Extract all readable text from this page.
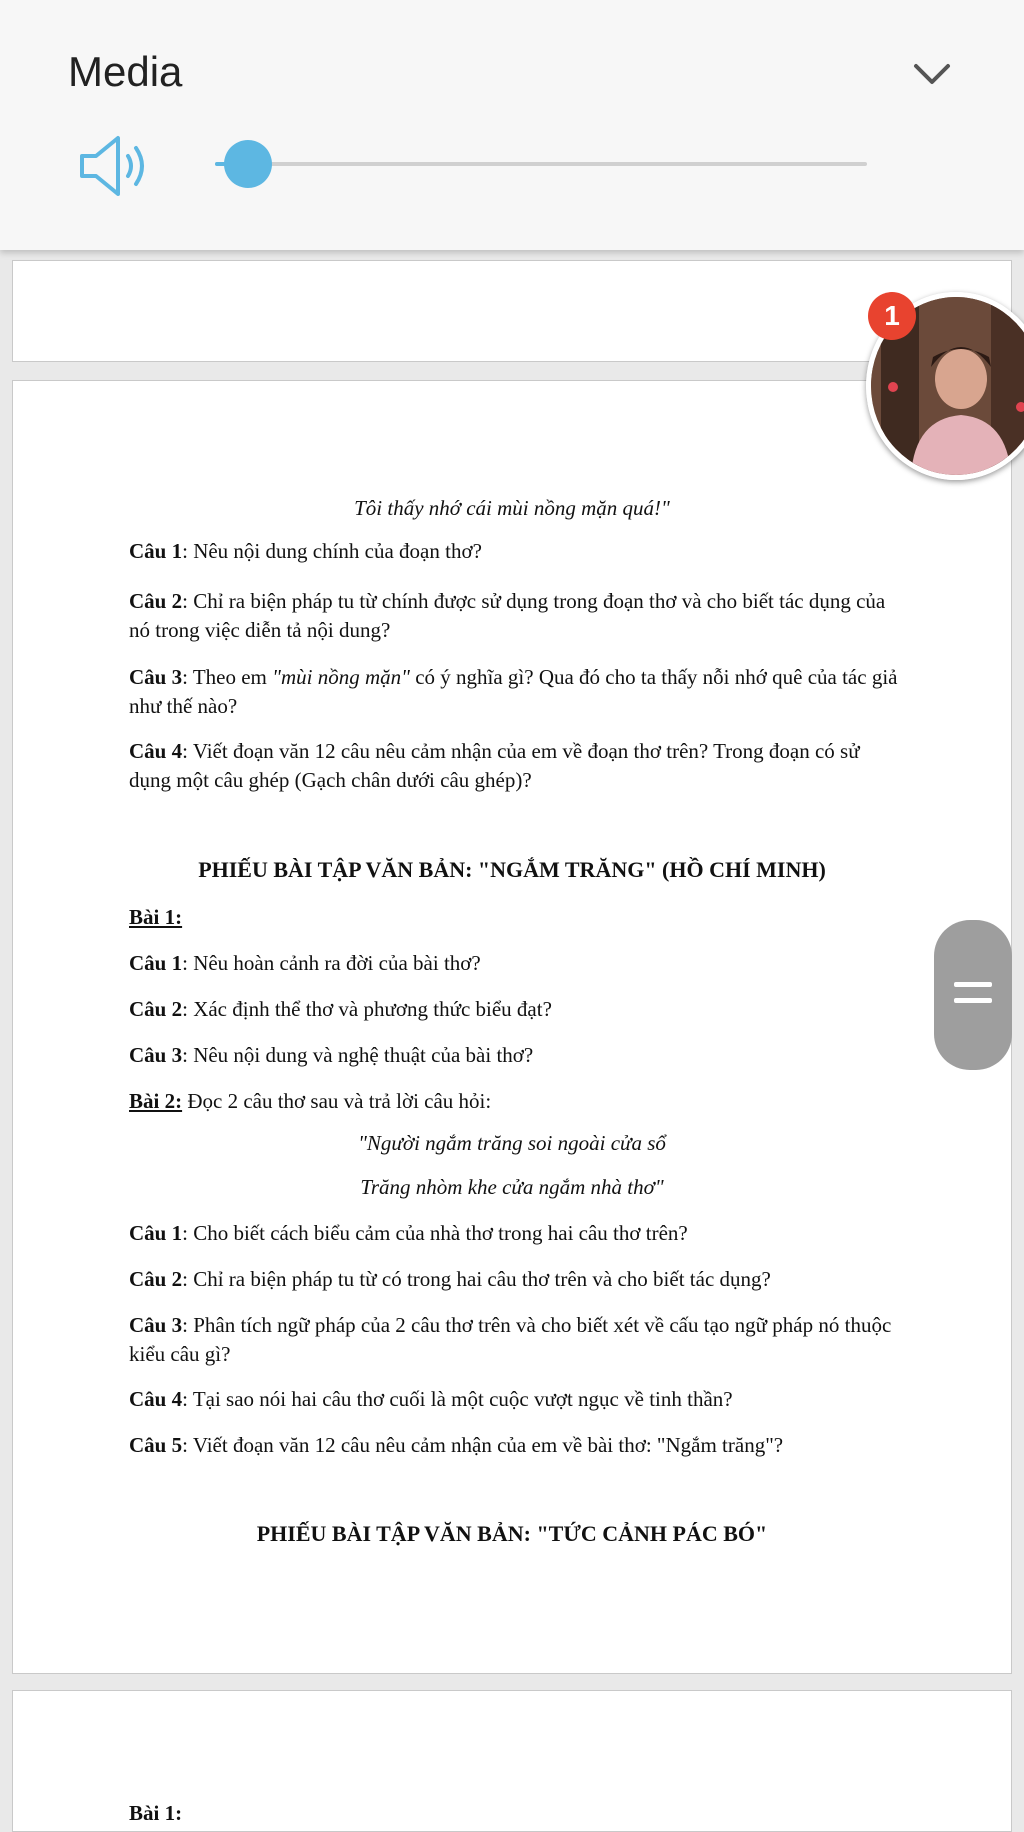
Media
Tôi thấy nhớ cái mùi nồng mặn quá!"
Câu 1: Nêu nội dung chính của đoạn thơ?
Câu 2: Chỉ ra biện pháp tu từ chính được sử dụng trong đoạn thơ và cho biết tác dụng của nó trong việc diễn tả nội dung?
Câu 3: Theo em "mùi nồng mặn" có ý nghĩa gì? Qua đó cho ta thấy nỗi nhớ quê của tác giả như thế nào?
Câu 4: Viết đoạn văn 12 câu nêu cảm nhận của em về đoạn thơ trên? Trong đoạn có sử dụng một câu ghép (Gạch chân dưới câu ghép)?
PHIẾU BÀI TẬP VĂN BẢN: "NGẮM TRĂNG" (HỒ CHÍ MINH)
Bài 1:
Câu 1: Nêu hoàn cảnh ra đời của bài thơ?
Câu 2: Xác định thể thơ và phương thức biểu đạt?
Câu 3: Nêu nội dung và nghệ thuật của bài thơ?
Bài 2: Đọc 2 câu thơ sau và trả lời câu hỏi:
"Người ngắm trăng soi ngoài cửa sổ
Trăng nhòm khe cửa ngắm nhà thơ"
Câu 1: Cho biết cách biểu cảm của nhà thơ trong hai câu thơ trên?
Câu 2: Chỉ ra biện pháp tu từ có trong hai câu thơ trên và cho biết tác dụng?
Câu 3: Phân tích ngữ pháp của 2 câu thơ trên và cho biết xét về cấu tạo ngữ pháp nó thuộc kiểu câu gì?
Câu 4: Tại sao nói hai câu thơ cuối là một cuộc vượt ngục về tinh thần?
Câu 5: Viết đoạn văn 12 câu nêu cảm nhận của em về bài thơ: "Ngắm trăng"?
PHIẾU BÀI TẬP VĂN BẢN: "TỨC CẢNH PÁC BÓ"
Bài 1:
1
